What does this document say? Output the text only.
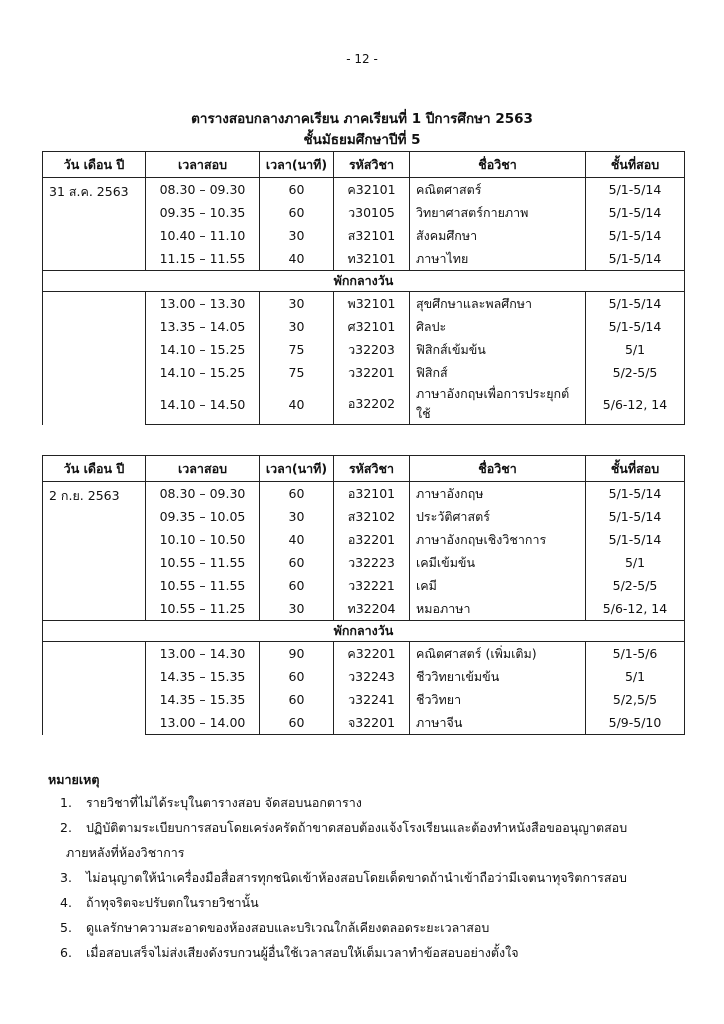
- 12 -
ตารางสอบกลางภาคเรียน ภาคเรียนที่ 1 ปีการศึกษา 2563
ชั้นมัธยมศึกษาปีที่ 5
วัน เดือน ปี	เวลาสอบ	เวลา(นาที)	รหัสวิชา	ชื่อวิชา	ชั้นที่สอบ
31 ส.ค. 2563	08.30 – 09.30	60	ค32101	คณิตศาสตร์	5/1-5/14
	09.35 – 10.35	60	ว30105	วิทยาศาสตร์กายภาพ	5/1-5/14
	10.40 – 11.10	30	ส32101	สังคมศึกษา	5/1-5/14
	11.15 – 11.55	40	ท32101	ภาษาไทย	5/1-5/14
พักกลางวัน					
	13.00 – 13.30	30	พ32101	สุขศึกษาและพลศึกษา	5/1-5/14
	13.35 – 14.05	30	ศ32101	ศิลปะ	5/1-5/14
	14.10 – 15.25	75	ว32203	ฟิสิกส์เข้มข้น	5/1
	14.10 – 15.25	75	ว32201	ฟิสิกส์	5/2-5/5
	14.10 – 14.50	40	อ32202	ภาษาอังกฤษเพื่อการประยุกต์ใช้	5/6-12, 14
วัน เดือน ปี	เวลาสอบ	เวลา(นาที)	รหัสวิชา	ชื่อวิชา	ชั้นที่สอบ
2 ก.ย. 2563	08.30 – 09.30	60	อ32101	ภาษาอังกฤษ	5/1-5/14
	09.35 – 10.05	30	ส32102	ประวัติศาสตร์	5/1-5/14
	10.10 – 10.50	40	อ32201	ภาษาอังกฤษเชิงวิชาการ	5/1-5/14
	10.55 – 11.55	60	ว32223	เคมีเข้มข้น	5/1
	10.55 – 11.55	60	ว32221	เคมี	5/2-5/5
	10.55 – 11.25	30	ท32204	หมอภาษา	5/6-12, 14
พักกลางวัน					
	13.00 – 14.30	90	ค32201	คณิตศาสตร์ (เพิ่มเติม)	5/1-5/6
	14.35 – 15.35	60	ว32243	ชีววิทยาเข้มข้น	5/1
	14.35 – 15.35	60	ว32241	ชีววิทยา	5/2,5/5
	13.00 – 14.00	60	จ32201	ภาษาจีน	5/9-5/10
หมายเหตุ
1. รายวิชาที่ไม่ได้ระบุในตารางสอบ จัดสอบนอกตาราง
2. ปฏิบัติตามระเบียบการสอบโดยเคร่งครัดถ้าขาดสอบต้องแจ้งโรงเรียนและต้องทำหนังสือขออนุญาตสอบ
ภายหลังที่ห้องวิชาการ
3. ไม่อนุญาตให้นำเครื่องมือสื่อสารทุกชนิดเข้าห้องสอบโดยเด็ดขาดถ้านำเข้าถือว่ามีเจตนาทุจริตการสอบ
4. ถ้าทุจริตจะปรับตกในรายวิชานั้น
5. ดูแลรักษาความสะอาดของห้องสอบและบริเวณใกล้เคียงตลอดระยะเวลาสอบ
6. เมื่อสอบเสร็จไม่ส่งเสียงดังรบกวนผู้อื่นใช้เวลาสอบให้เต็มเวลาทำข้อสอบอย่างตั้งใจ
